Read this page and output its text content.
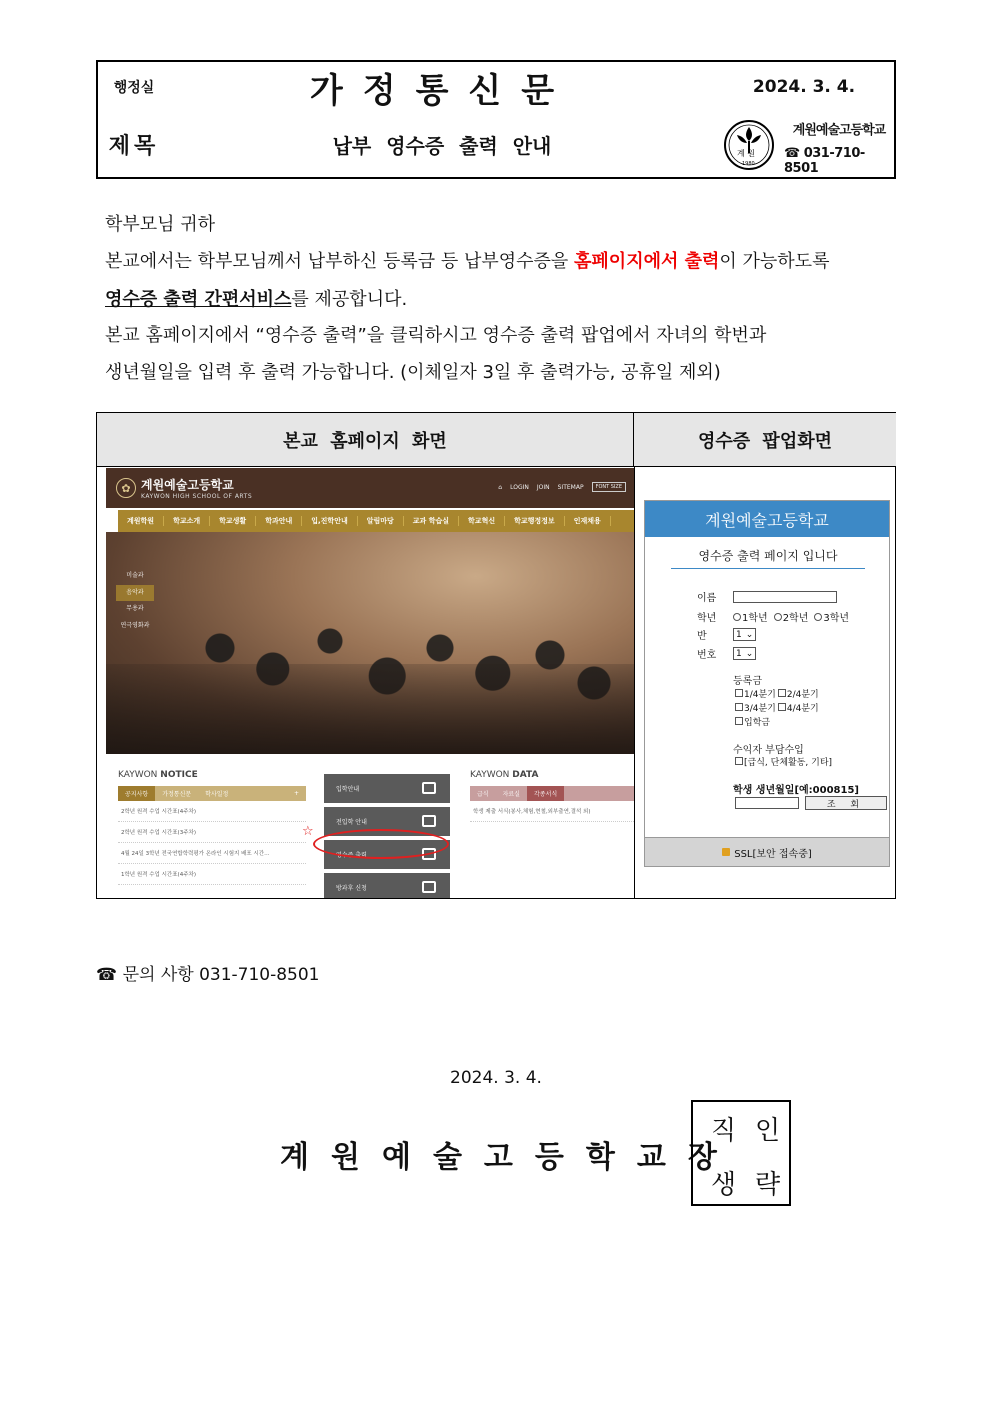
행정실	가정통신문	2024. 3. 4.
제목	납부 영수증 출력 안내	계 원
1980
계원예술고등학교
☎ 031-710-8501
학부모님 귀하
본교에서는 학부모님께서 납부하신 등록금 등 납부영수증을 홈페이지에서 출력이 가능하도록
영수증 출력 간편서비스를 제공합니다.
본교 홈페이지에서 “영수증 출력”을 클릭하시고 영수증 출력 팝업에서 자녀의 학번과
생년월일을 입력 후 출력 가능합니다. (이체일자 3일 후 출력가능, 공휴일 제외)
본교 홈페이지 화면	영수증 팝업화면
✿ 계원예술고등학교
KAYWON HIGH SCHOOL OF ARTS
⌂ LOGIN JOIN SITEMAP	FONT SIZE
계원학원	학교소개	학교생활	학과안내	입,진학안내	알림마당	교과 학습실	학교혁신	학교행정정보	인재채용
미술과
음악과
무용과
연극영화과
KAYWON NOTICE
공지사항	가정통신문	학사일정	+
2학년 원격 수업 시간표(4주차)
2학년 원격 수업 시간표(3주차)
4월 24일 3학년 전국연합학력평가 온라인 시험지 배포 시간…
1학년 원격 수업 시간표(4주차)
입학안내
전입학 안내
영수증 출력
방과후 신청
☆
KAYWON DATA
급식	자료실	각종서식
학생 제출 서식(봉사,체험,현철,외부출연,결석 외)
계원예술고등학교
영수증 출력 페이지 입니다
이름
학년	1학년	2학년	3학년
반	1 ⌄
번호	1 ⌄
등록금
1/4분기	2/4분기
3/4분기	4/4분기
입학금
수익자 부담수입
[급식, 단체활동, 기타]
학생 생년월일[예:000815]
조 회
SSL[보안 접속중]
☎ 문의 사항 031-710-8501
2024. 3. 4.
계원예술고등학교장
직 인
생 략
